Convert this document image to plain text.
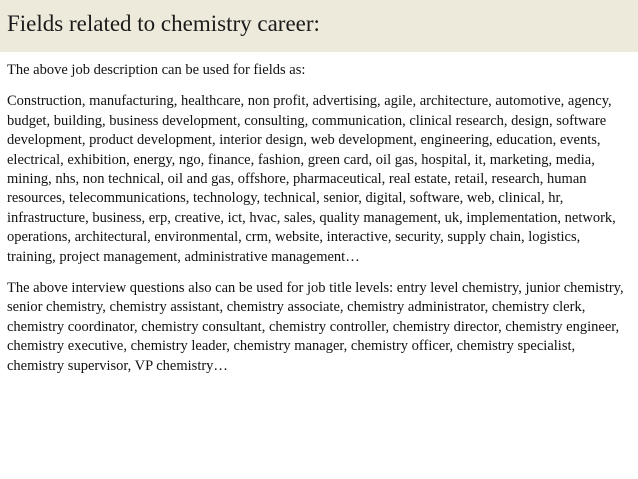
Fields related to chemistry career:

The above job description can be used for fields as:

Construction, manufacturing, healthcare, non profit, advertising, agile, architecture, automotive, agency, budget, building, business development, consulting, communication, clinical research, design, software development, product development, interior design, web development, engineering, education, events, electrical, exhibition, energy, ngo, finance, fashion, green card, oil gas, hospital, it, marketing, media, mining, nhs, non technical, oil and gas, offshore, pharmaceutical, real estate, retail, research, human resources, telecommunications, technology, technical, senior, digital, software, web, clinical, hr, infrastructure, business, erp, creative, ict, hvac, sales, quality management, uk, implementation, network, operations, architectural, environmental, crm, website, interactive, security, supply chain, logistics, training, project management, administrative management…

The above interview questions also can be used for job title levels: entry level chemistry, junior chemistry, senior chemistry, chemistry assistant, chemistry associate, chemistry administrator, chemistry clerk, chemistry coordinator, chemistry consultant, chemistry controller, chemistry director, chemistry engineer, chemistry executive, chemistry leader, chemistry manager, chemistry officer, chemistry specialist, chemistry supervisor, VP chemistry…
